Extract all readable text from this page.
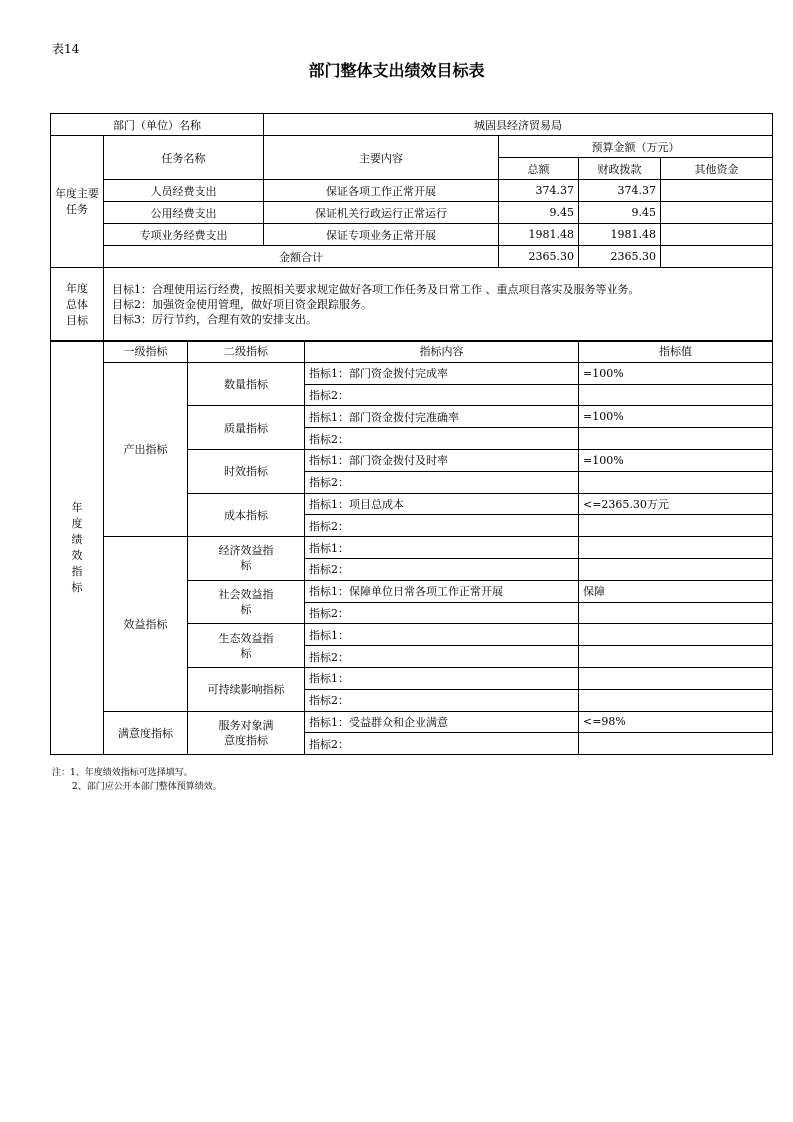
表14
部门整体支出绩效目标表
部门（单位）名称		城固县经济贸易局			
年度主要任务	任务名称	主要内容	预算金额（万元）		
			总额	财政拨款	其他资金
	人员经费支出	保证各项工作正常开展	374.37	374.37	
	公用经费支出	保证机关行政运行正常运行	9.45	9.45	
	专项业务经费支出	保证专项业务正常开展	1981.48	1981.48	
	金额合计		2365.30	2365.30	
年度总体目标	目标1：合理使用运行经费，按照相关要求规定做好各项工作任务及日常工作 、重点项目落实及服务等业务。
目标2：加强资金使用管理，做好项目资金跟踪服务。
目标3：厉行节约，合理有效的安排支出。				
年度绩效指标	一级指标	二级指标	指标内容	指标值
	产出指标	数量指标	指标1：部门资金拨付完成率	=100%
			指标2：	
		质量指标	指标1：部门资金拨付完准确率	=100%
			指标2：	
		时效指标	指标1：部门资金拨付及时率	=100%
			指标2：	
		成本指标	指标1：项目总成本	<=2365.30万元
			指标2：	
	效益指标	经济效益指标	指标1：	
			指标2：	
		社会效益指标	指标1：保障单位日常各项工作正常开展	保障
			指标2：	
		生态效益指标	指标1：	
			指标2：	
		可持续影响指标	指标1：	
			指标2：	
	满意度指标	服务对象满意度指标	指标1：受益群众和企业满意	<=98%
			指标2：	
注：1、年度绩效指标可选择填写。
2、部门应公开本部门整体预算绩效。
